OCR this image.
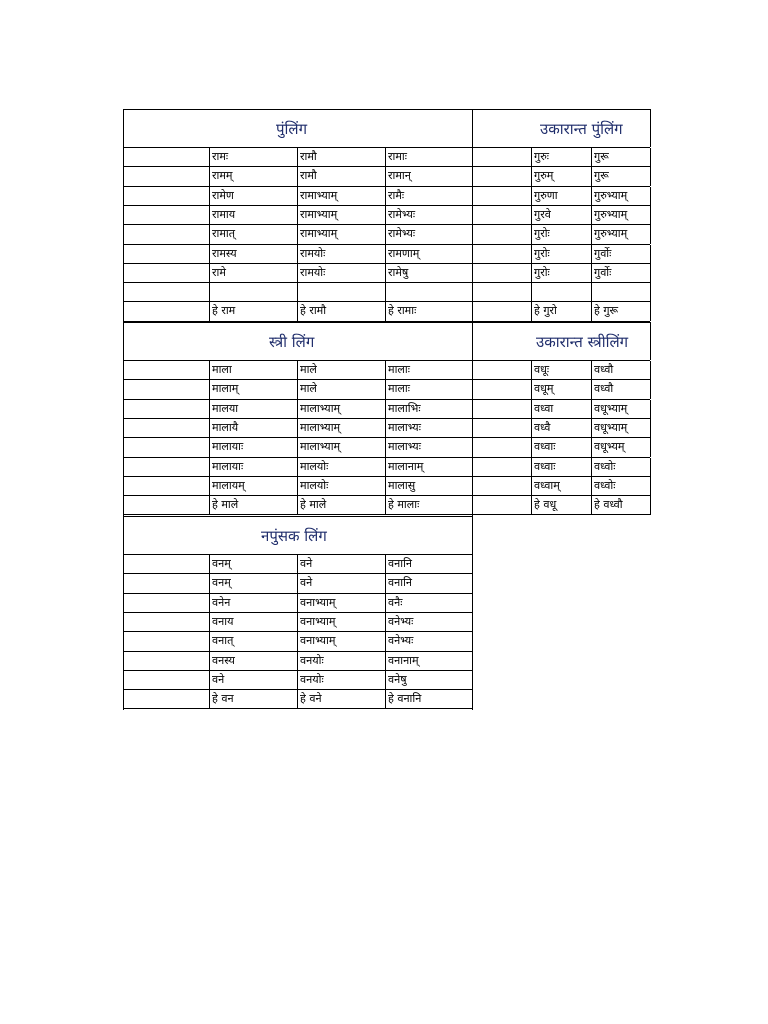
पुंलिंग
रामः	रामौ	रामाः
रामम्	रामौ	रामान्
रामेण	रामाभ्याम्	रामैः
रामाय	रामाभ्याम्	रामेभ्यः
रामात्	रामाभ्याम्	रामेभ्यः
रामस्य	रामयोः	रामणाम्
रामे	रामयोः	रामेषु
हे राम	हे रामौ	हे रामाः
उकारान्त पुंलिंग
गुरुः	गुरू
गुरुम्	गुरू
गुरुणा	गुरुभ्याम्
गुरवे	गुरुभ्याम्
गुरोः	गुरुभ्याम्
गुरोः	गुर्वोः
गुरोः	गुर्वोः
हे गुरो	हे गुरू
स्त्री लिंग
माला	माले	मालाः
मालाम्	माले	मालाः
मालया	मालाभ्याम्	मालाभिः
मालायै	मालाभ्याम्	मालाभ्यः
मालायाः	मालाभ्याम्	मालाभ्यः
मालायाः	मालयोः	मालानाम्
मालायम्	मालयोः	मालासु
हे माले	हे माले	हे मालाः
उकारान्त स्त्रीलिंग
वधूः	वध्वौ
वधूम्	वध्वौ
वध्वा	वधूभ्याम्
वध्वै	वधूभ्याम्
वध्वाः	वधूभ्यम्
वध्वाः	वध्वोः
वध्वाम्	वध्वोः
हे वधू	हे वध्वौ
नपुंसक लिंग
वनम्	वने	वनानि
वनम्	वने	वनानि
वनेन	वनाभ्याम्	वनैः
वनाय	वनाभ्याम्	वनेभ्यः
वनात्	वनाभ्याम्	वनेभ्यः
वनस्य	वनयोः	वनानाम्
वने	वनयोः	वनेषु
हे वन	हे वने	हे वनानि
